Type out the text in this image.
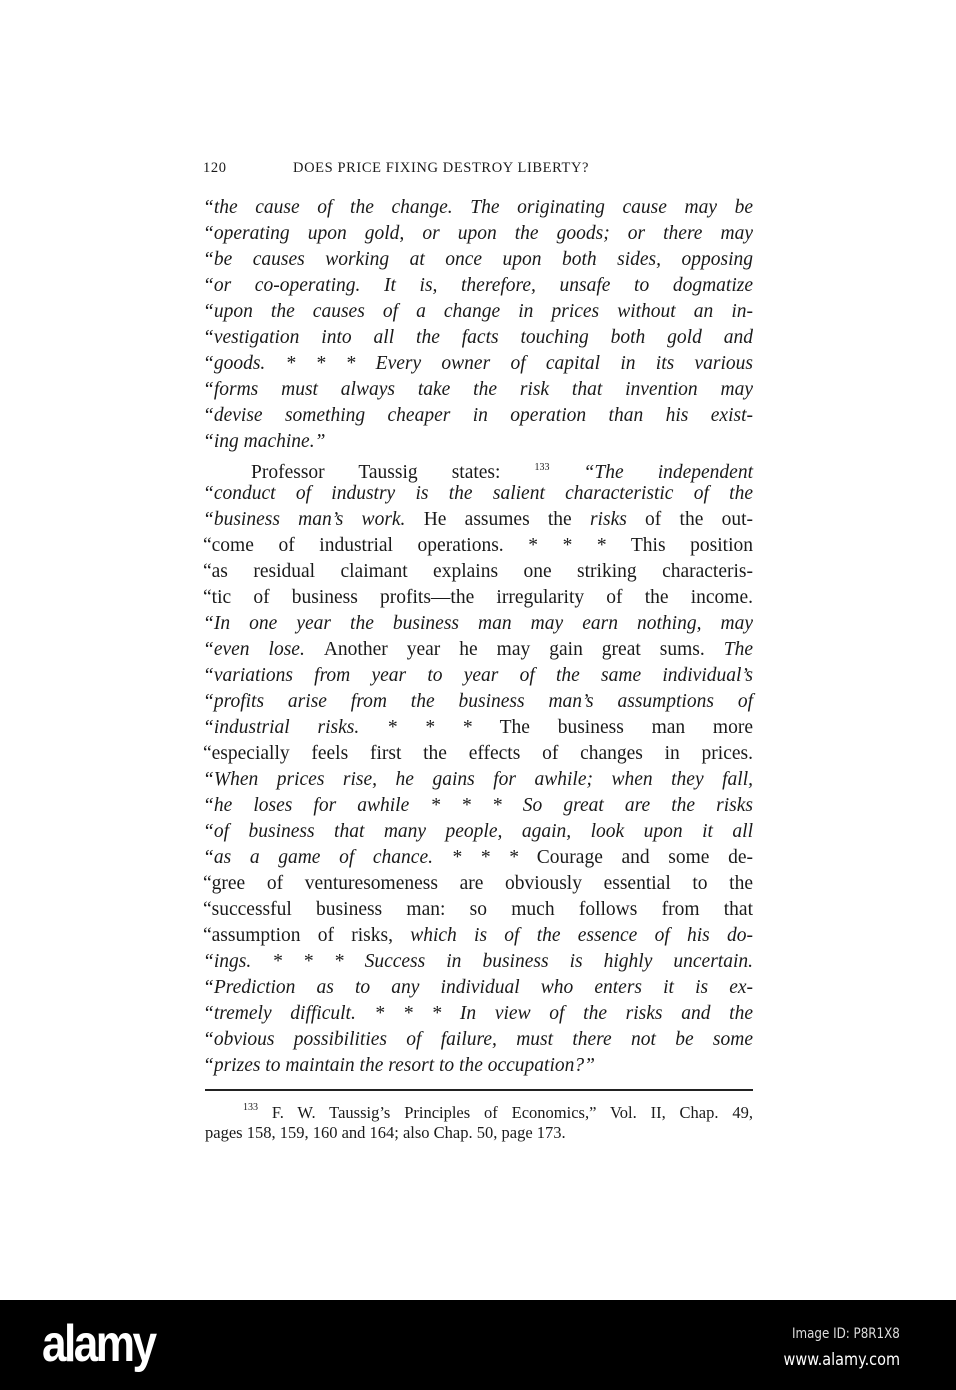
120	DOES PRICE FIXING DESTROY LIBERTY?
“the cause of the change. The originating cause may be
“operating upon gold, or upon the goods; or there may
“be causes working at once upon both sides, opposing
“or co-operating. It is, therefore, unsafe to dogmatize
“upon the causes of a change in prices without an in-
“vestigation into all the facts touching both gold and
“goods. * * * Every owner of capital in its various
“forms must always take the risk that invention may
“devise something cheaper in operation than his exist-
“ing machine.”
Professor Taussig states: $^{133}$ “The independent
“conduct of industry is the salient characteristic of the
“business man’s work. He assumes the risks of the out-
“come of industrial operations. * * * This position
“as residual claimant explains one striking characteris-
“tic of business profits—the irregularity of the income.
“In one year the business man may earn nothing, may
“even lose. Another year he may gain great sums. The
“variations from year to year of the same individual’s
“profits arise from the business man’s assumptions of
“industrial risks. * * * The business man more
“especially feels first the effects of changes in prices.
“When prices rise, he gains for awhile; when they fall,
“he loses for awhile * * * So great are the risks
“of business that many people, again, look upon it all
“as a game of chance. * * * Courage and some de-
“gree of venturesomeness are obviously essential to the
“successful business man: so much follows from that
“assumption of risks, which is of the essence of his do-
“ings. * * * Success in business is highly uncertain.
“Prediction as to any individual who enters it is ex-
“tremely difficult. * * * In view of the risks and the
“obvious possibilities of failure, must there not be some
“prizes to maintain the resort to the occupation?”
$^{133}$ F. W. Taussig’s Principles of Economics,” Vol. II, Chap. 49,
pages 158, 159, 160 and 164; also Chap. 50, page 173.
alamy	Image ID: P8R1X8
www.alamy.com
